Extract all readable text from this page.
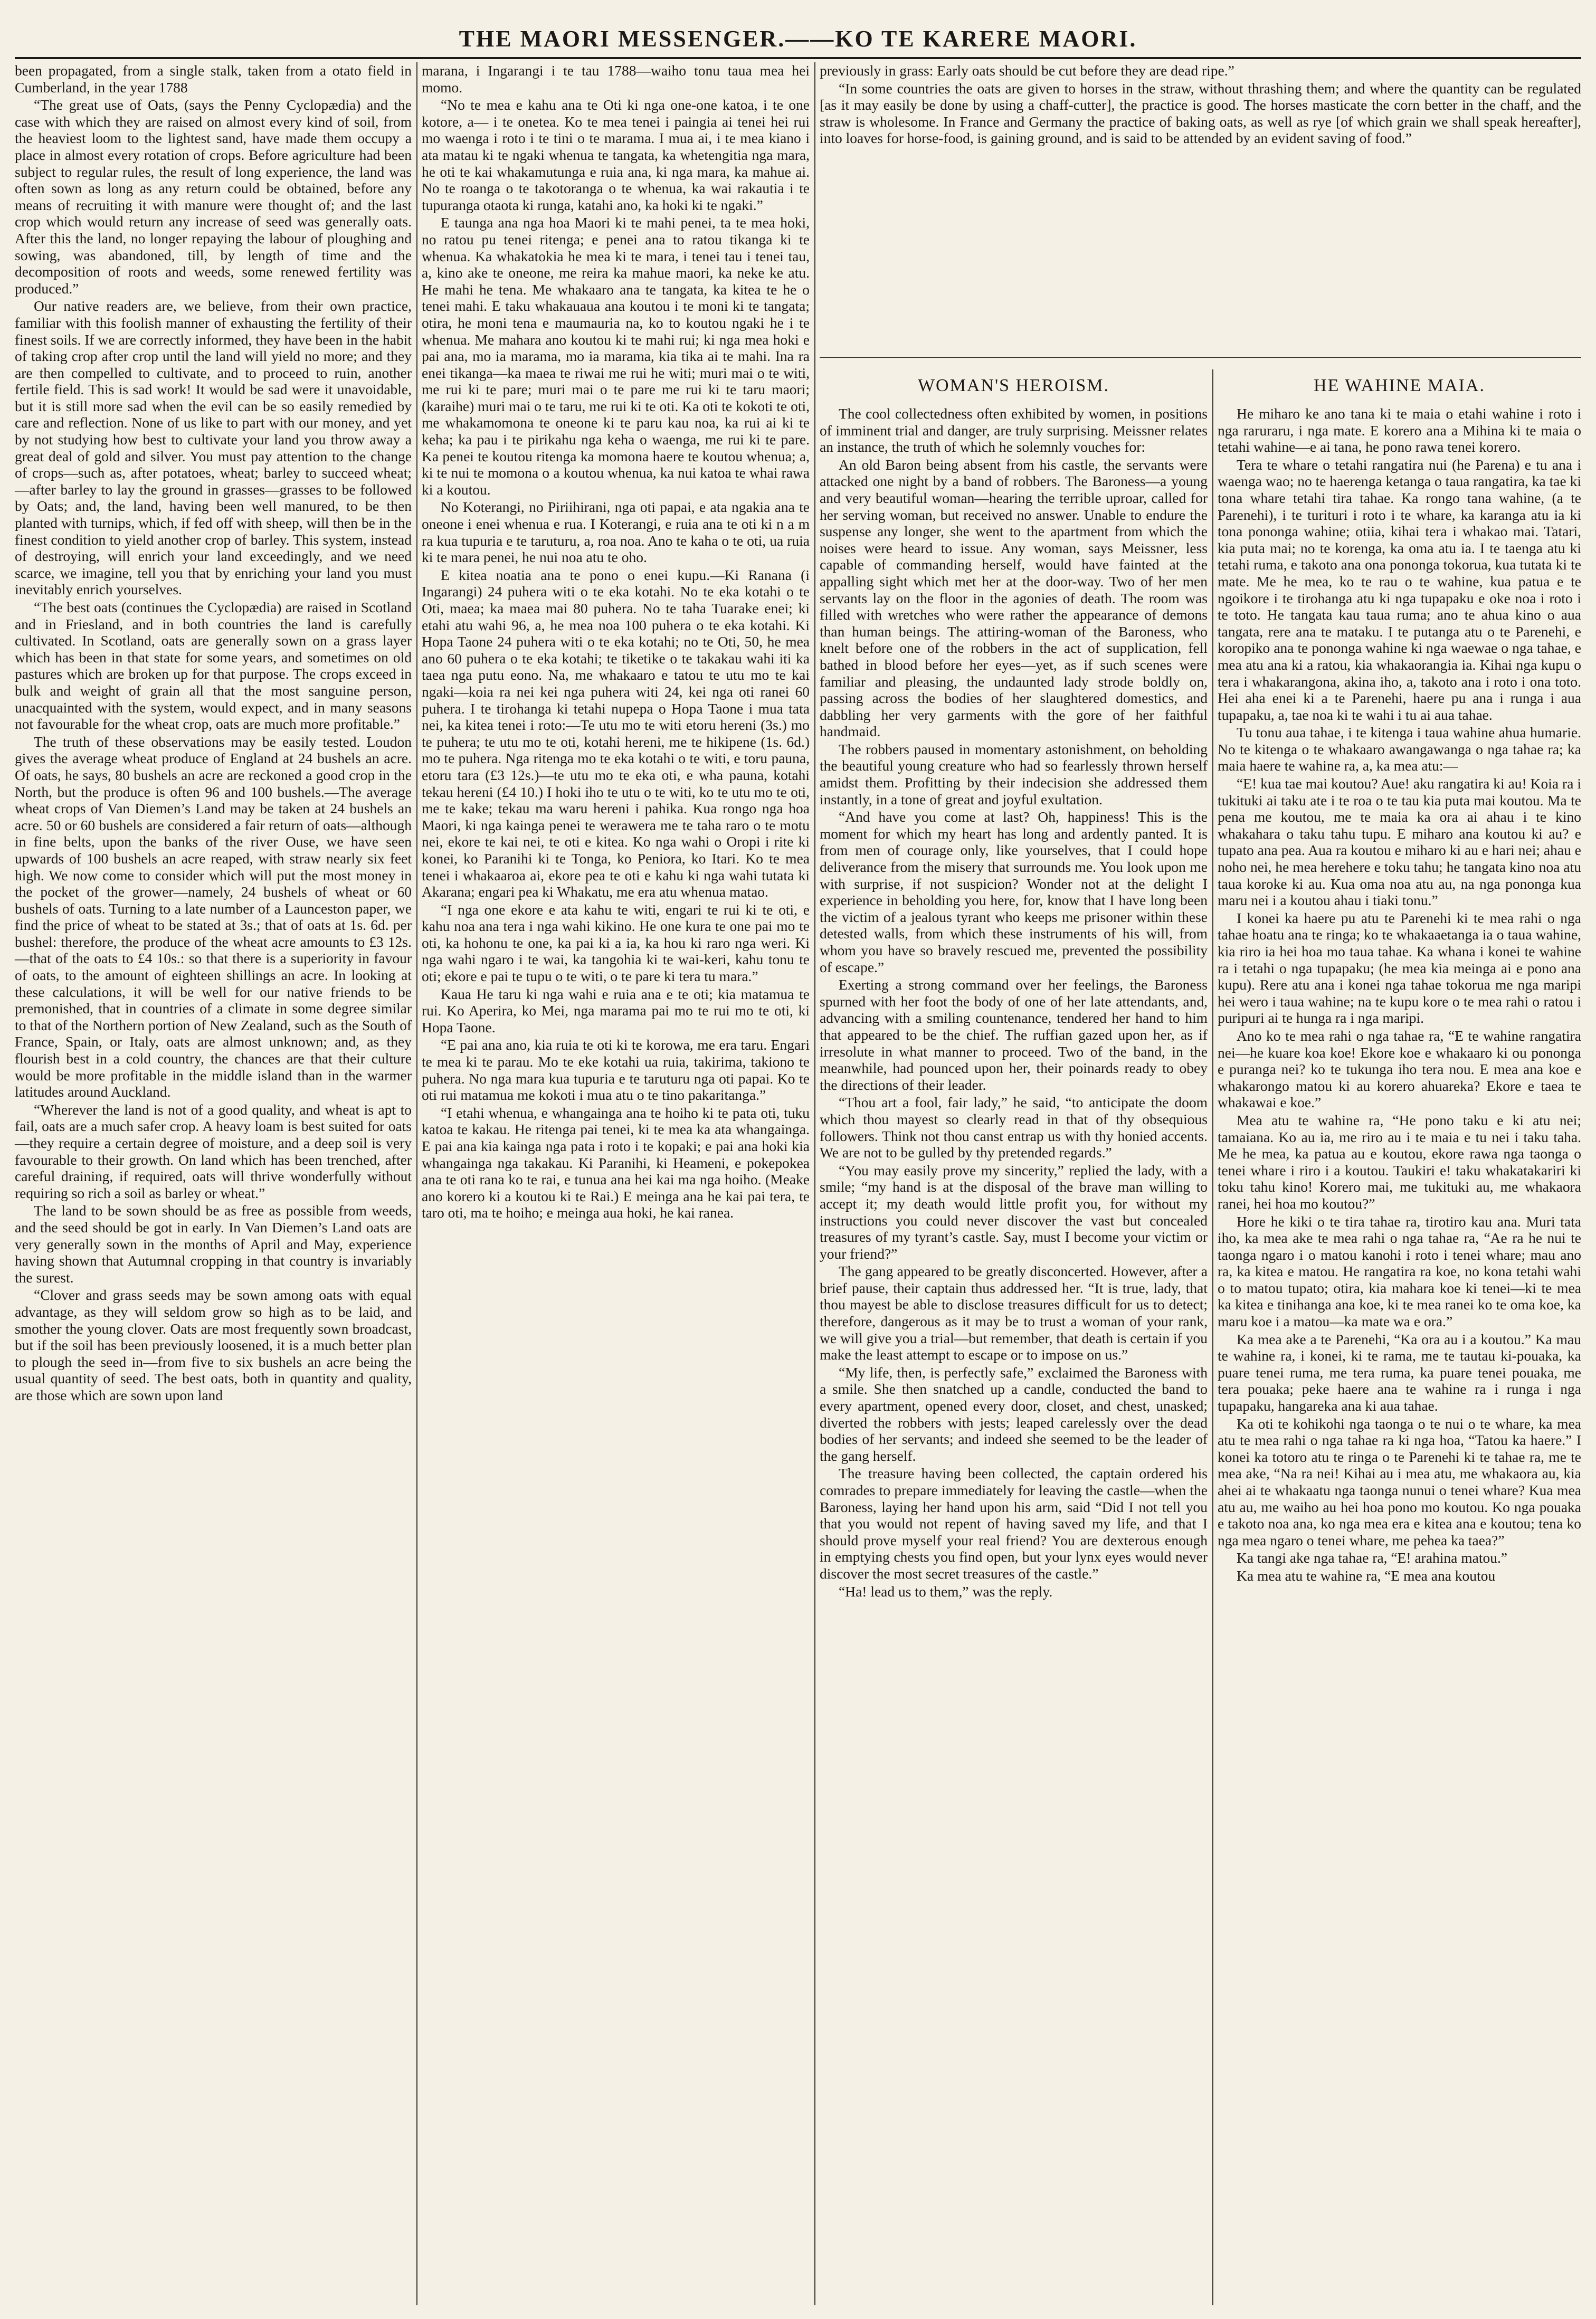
THE MAORI MESSENGER.——KO TE KARERE MAORI.

been propagated, from a single stalk, taken from a otato field in Cumberland, in the year 1788

“The great use of Oats, (says the Penny Cyclopædia) and the case with which they are raised on almost every kind of soil, from the heaviest loom to the lightest sand, have made them occupy a place in almost every rotation of crops. Before agriculture had been subject to regular rules, the result of long experience, the land was often sown as long as any return could be obtained, before any means of recruiting it with manure were thought of; and the last crop which would return any increase of seed was generally oats. After this the land, no longer repaying the labour of ploughing and sowing, was abandoned, till, by length of time and the decomposition of roots and weeds, some renewed fertility was produced.”

Our native readers are, we believe, from their own practice, familiar with this foolish manner of exhausting the fertility of their finest soils. If we are correctly informed, they have been in the habit of taking crop after crop until the land will yield no more; and they are then compelled to cultivate, and to proceed to ruin, another fertile field. This is sad work! It would be sad were it unavoidable, but it is still more sad when the evil can be so easily remedied by care and reflection. None of us like to part with our money, and yet by not studying how best to cultivate your land you throw away a great deal of gold and silver. You must pay attention to the change of crops—such as, after potatoes, wheat; barley to succeed wheat;—after barley to lay the ground in grasses—grasses to be followed by Oats; and, the land, having been well manured, to be then planted with turnips, which, if fed off with sheep, will then be in the finest condition to yield another crop of barley. This system, instead of destroying, will enrich your land exceedingly, and we need scarce, we imagine, tell you that by enriching your land you must inevitably enrich yourselves.

“The best oats (continues the Cyclopædia) are raised in Scotland and in Friesland, and in both countries the land is carefully cultivated. In Scotland, oats are generally sown on a grass layer which has been in that state for some years, and sometimes on old pastures which are broken up for that purpose. The crops exceed in bulk and weight of grain all that the most sanguine person, unacquainted with the system, would expect, and in many seasons not favourable for the wheat crop, oats are much more profitable.”

The truth of these observations may be easily tested. Loudon gives the average wheat produce of England at 24 bushels an acre. Of oats, he says, 80 bushels an acre are reckoned a good crop in the North, but the produce is often 96 and 100 bushels.—The average wheat crops of Van Diemen’s Land may be taken at 24 bushels an acre. 50 or 60 bushels are considered a fair return of oats—although in fine belts, upon the banks of the river Ouse, we have seen upwards of 100 bushels an acre reaped, with straw nearly six feet high. We now come to consider which will put the most money in the pocket of the grower—namely, 24 bushels of wheat or 60 bushels of oats. Turning to a late number of a Launceston paper, we find the price of wheat to be stated at 3s.; that of oats at 1s. 6d. per bushel: therefore, the produce of the wheat acre amounts to £3 12s.—that of the oats to £4 10s.: so that there is a superiority in favour of oats, to the amount of eighteen shillings an acre. In looking at these calculations, it will be well for our native friends to be premonished, that in countries of a climate in some degree similar to that of the Northern portion of New Zealand, such as the South of France, Spain, or Italy, oats are almost unknown; and, as they flourish best in a cold country, the chances are that their culture would be more profitable in the middle island than in the warmer latitudes around Auckland.

“Wherever the land is not of a good quality, and wheat is apt to fail, oats are a much safer crop. A heavy loam is best suited for oats—they require a certain degree of moisture, and a deep soil is very favourable to their growth. On land which has been trenched, after careful draining, if required, oats will thrive wonderfully without requiring so rich a soil as barley or wheat.”

The land to be sown should be as free as possible from weeds, and the seed should be got in early. In Van Diemen’s Land oats are very generally sown in the months of April and May, experience having shown that Autumnal cropping in that country is invariably the surest.

“Clover and grass seeds may be sown among oats with equal advantage, as they will seldom grow so high as to be laid, and smother the young clover. Oats are most frequently sown broadcast, but if the soil has been previously loosened, it is a much better plan to plough the seed in—from five to six bushels an acre being the usual quantity of seed. The best oats, both in quantity and quality, are those which are sown upon land

marana, i Ingarangi i te tau 1788—waiho tonu taua mea hei momo.

“No te mea e kahu ana te Oti ki nga one-one katoa, i te one kotore, a— i te onetea. Ko te mea tenei i paingia ai tenei hei rui mo waenga i roto i te tini o te marama. I mua ai, i te mea kiano i ata matau ki te ngaki whenua te tangata, ka whetengitia nga mara, he oti te kai whakamutunga e ruia ana, ki nga mara, ka mahue ai. No te roanga o te takotoranga o te whenua, ka wai rakautia i te tupuranga otaota ki runga, katahi ano, ka hoki ki te ngaki.”

E taunga ana nga hoa Maori ki te mahi penei, ta te mea hoki, no ratou pu tenei ritenga; e penei ana to ratou tikanga ki te whenua. Ka whakatokia he mea ki te mara, i tenei tau i tenei tau, a, kino ake te oneone, me reira ka mahue maori, ka neke ke atu. He mahi he tena. Me whakaaro ana te tangata, ka kitea te he o tenei mahi. E taku whakauaua ana koutou i te moni ki te tangata; otira, he moni tena e maumauria na, ko to koutou ngaki he i te whenua. Me mahara ano koutou ki te mahi rui; ki nga mea hoki e pai ana, mo ia marama, mo ia marama, kia tika ai te mahi. Ina ra enei tikanga—ka maea te riwai me rui he witi; muri mai o te witi, me rui ki te pare; muri mai o te pare me rui ki te taru maori; (karaihe) muri mai o te taru, me rui ki te oti. Ka oti te kokoti te oti, me whakamomona te oneone ki te paru kau noa, ka rui ai ki te keha; ka pau i te pirikahu nga keha o waenga, me rui ki te pare. Ka penei te koutou ritenga ka momona haere te koutou whenua; a, ki te nui te momona o a koutou whenua, ka nui katoa te whai rawa ki a koutou.

No Koterangi, no Piriihirani, nga oti papai, e ata ngakia ana te oneone i enei whenua e rua. I Koterangi, e ruia ana te oti ki n a m ra kua tupuria e te taruturu, a, roa noa. Ano te kaha o te oti, ua ruia ki te mara penei, he nui noa atu te oho.

E kitea noatia ana te pono o enei kupu.—Ki Ranana (i Ingarangi) 24 puhera witi o te eka kotahi. No te eka kotahi o te Oti, maea; ka maea mai 80 puhera. No te taha Tuarake enei; ki etahi atu wahi 96, a, he mea noa 100 puhera o te eka kotahi. Ki Hopa Taone 24 puhera witi o te eka kotahi; no te Oti, 50, he mea ano 60 puhera o te eka kotahi; te tiketike o te takakau wahi iti ka taea nga putu eono. Na, me whakaaro e tatou te utu mo te kai ngaki—koia ra nei kei nga puhera witi 24, kei nga oti ranei 60 puhera. I te tirohanga ki tetahi nupepa o Hopa Taone i mua tata nei, ka kitea tenei i roto:—Te utu mo te witi etoru hereni (3s.) mo te puhera; te utu mo te oti, kotahi hereni, me te hikipene (1s. 6d.) mo te puhera. Nga ritenga mo te eka kotahi o te witi, e toru pauna, etoru tara (£3 12s.)—te utu mo te eka oti, e wha pauna, kotahi tekau hereni (£4 10.) I hoki iho te utu o te witi, ko te utu mo te oti, me te kake; tekau ma waru hereni i pahika. Kua rongo nga hoa Maori, ki nga kainga penei te werawera me te taha raro o te motu nei, ekore te kai nei, te oti e kitea. Ko nga wahi o Oropi i rite ki konei, ko Paranihi ki te Tonga, ko Peniora, ko Itari. Ko te mea tenei i whakaaroa ai, ekore pea te oti e kahu ki nga wahi tutata ki Akarana; engari pea ki Whakatu, me era atu whenua matao.

“I nga one ekore e ata kahu te witi, engari te rui ki te oti, e kahu noa ana tera i nga wahi kikino. He one kura te one pai mo te oti, ka hohonu te one, ka pai ki a ia, ka hou ki raro nga weri. Ki nga wahi ngaro i te wai, ka tangohia ki te wai-keri, kahu tonu te oti; ekore e pai te tupu o te witi, o te pare ki tera tu mara.”

Kaua He taru ki nga wahi e ruia ana e te oti; kia matamua te rui. Ko Aperira, ko Mei, nga marama pai mo te rui mo te oti, ki Hopa Taone.

“E pai ana ano, kia ruia te oti ki te korowa, me era taru. Engari te mea ki te parau. Mo te eke kotahi ua ruia, takirima, takiono te puhera. No nga mara kua tupuria e te taruturu nga oti papai. Ko te oti rui matamua me kokoti i mua atu o te tino pakaritanga.”

“I etahi whenua, e whangainga ana te hoiho ki te pata oti, tuku katoa te kakau. He ritenga pai tenei, ki te mea ka ata whangainga. E pai ana kia kainga nga pata i roto i te kopaki; e pai ana hoki kia whangainga nga takakau. Ki Paranihi, ki Heameni, e pokepokea ana te oti rana ko te rai, e tunua ana hei kai ma nga hoiho. (Meake ano korero ki a koutou ki te Rai.) E meinga ana he kai pai tera, te taro oti, ma te hoiho; e meinga aua hoki, he kai ranea.

previously in grass: Early oats should be cut before they are dead ripe.”

“In some countries the oats are given to horses in the straw, without thrashing them; and where the quantity can be regulated [as it may easily be done by using a chaff-cutter], the practice is good. The horses masticate the corn better in the chaff, and the straw is wholesome. In France and Germany the practice of baking oats, as well as rye [of which grain we shall speak hereafter], into loaves for horse-food, is gaining ground, and is said to be attended by an evident saving of food.”

WOMAN'S HEROISM.	HE WAHINE MAIA.

The cool collectedness often exhibited by women, in positions of imminent trial and danger, are truly surprising. Meissner relates an instance, the truth of which he solemnly vouches for:

An old Baron being absent from his castle, the servants were attacked one night by a band of robbers. The Baroness—a young and very beautiful woman—hearing the terrible uproar, called for her serving woman, but received no answer. Unable to endure the suspense any longer, she went to the apartment from which the noises were heard to issue. Any woman, says Meissner, less capable of commanding herself, would have fainted at the appalling sight which met her at the door-way. Two of her men servants lay on the floor in the agonies of death. The room was filled with wretches who were rather the appearance of demons than human beings. The attiring-woman of the Baroness, who knelt before one of the robbers in the act of supplication, fell bathed in blood before her eyes—yet, as if such scenes were familiar and pleasing, the undaunted lady strode boldly on, passing across the bodies of her slaughtered domestics, and dabbling her very garments with the gore of her faithful handmaid.

The robbers paused in momentary astonishment, on beholding the beautiful young creature who had so fearlessly thrown herself amidst them. Profitting by their indecision she addressed them instantly, in a tone of great and joyful exultation.

“And have you come at last? Oh, happiness! This is the moment for which my heart has long and ardently panted. It is from men of courage only, like yourselves, that I could hope deliverance from the misery that surrounds me. You look upon me with surprise, if not suspicion? Wonder not at the delight I experience in beholding you here, for, know that I have long been the victim of a jealous tyrant who keeps me prisoner within these detested walls, from which these instruments of his will, from whom you have so bravely rescued me, prevented the possibility of escape.”

Exerting a strong command over her feelings, the Baroness spurned with her foot the body of one of her late attendants, and, advancing with a smiling countenance, tendered her hand to him that appeared to be the chief. The ruffian gazed upon her, as if irresolute in what manner to proceed. Two of the band, in the meanwhile, had pounced upon her, their poinards ready to obey the directions of their leader.

“Thou art a fool, fair lady,” he said, “to anticipate the doom which thou mayest so clearly read in that of thy obsequious followers. Think not thou canst entrap us with thy honied accents. We are not to be gulled by thy pretended regards.”

“You may easily prove my sincerity,” replied the lady, with a smile; “my hand is at the disposal of the brave man willing to accept it; my death would little profit you, for without my instructions you could never discover the vast but concealed treasures of my tyrant’s castle. Say, must I become your victim or your friend?”

The gang appeared to be greatly disconcerted. However, after a brief pause, their captain thus addressed her. “It is true, lady, that thou mayest be able to disclose treasures difficult for us to detect; therefore, dangerous as it may be to trust a woman of your rank, we will give you a trial—but remember, that death is certain if you make the least attempt to escape or to impose on us.”

“My life, then, is perfectly safe,” exclaimed the Baroness with a smile. She then snatched up a candle, conducted the band to every apartment, opened every door, closet, and chest, unasked; diverted the robbers with jests; leaped carelessly over the dead bodies of her servants; and indeed she seemed to be the leader of the gang herself.

The treasure having been collected, the captain ordered his comrades to prepare immediately for leaving the castle—when the Baroness, laying her hand upon his arm, said “Did I not tell you that you would not repent of having saved my life, and that I should prove myself your real friend? You are dexterous enough in emptying chests you find open, but your lynx eyes would never discover the most secret treasures of the castle.”

“Ha! lead us to them,” was the reply.

He miharo ke ano tana ki te maia o etahi wahine i roto i nga raruraru, i nga mate. E korero ana a Mihina ki te maia o tetahi wahine—e ai tana, he pono rawa tenei korero.

Tera te whare o tetahi rangatira nui (he Parena) e tu ana i waenga wao; no te haerenga ketanga o taua rangatira, ka tae ki tona whare tetahi tira tahae. Ka rongo tana wahine, (a te Parenehi), i te turituri i roto i te whare, ka karanga atu ia ki tona pononga wahine; otiia, kihai tera i whakao mai. Tatari, kia puta mai; no te korenga, ka oma atu ia. I te taenga atu ki tetahi ruma, e takoto ana ona pononga tokorua, kua tutata ki te mate. Me he mea, ko te rau o te wahine, kua patua e te ngoikore i te tirohanga atu ki nga tupapaku e oke noa i roto i te toto. He tangata kau taua ruma; ano te ahua kino o aua tangata, rere ana te mataku. I te putanga atu o te Parenehi, e koropiko ana te pononga wahine ki nga waewae o nga tahae, e mea atu ana ki a ratou, kia whakaorangia ia. Kihai nga kupu o tera i whakarangona, akina iho, a, takoto ana i roto i ona toto. Hei aha enei ki a te Parenehi, haere pu ana i runga i aua tupapaku, a, tae noa ki te wahi i tu ai aua tahae.

Tu tonu aua tahae, i te kitenga i taua wahine ahua humarie. No te kitenga o te whakaaro awangawanga o nga tahae ra; ka maia haere te wahine ra, a, ka mea atu:—

“E! kua tae mai koutou? Aue! aku rangatira ki au! Koia ra i tukituki ai taku ate i te roa o te tau kia puta mai koutou. Ma te pena me koutou, me te maia ka ora ai ahau i te kino whakahara o taku tahu tupu. E miharo ana koutou ki au? e tupato ana pea. Aua ra koutou e miharo ki au e hari nei; ahau e noho nei, he mea herehere e toku tahu; he tangata kino noa atu taua koroke ki au. Kua oma noa atu au, na nga pononga kua maru nei i a koutou ahau i tiaki tonu.”

I konei ka haere pu atu te Parenehi ki te mea rahi o nga tahae hoatu ana te ringa; ko te whakaaetanga ia o taua wahine, kia riro ia hei hoa mo taua tahae. Ka whana i konei te wahine ra i tetahi o nga tupapaku; (he mea kia meinga ai e pono ana kupu). Rere atu ana i konei nga tahae tokorua me nga maripi hei wero i taua wahine; na te kupu kore o te mea rahi o ratou i puripuri ai te hunga ra i nga maripi.

Ano ko te mea rahi o nga tahae ra, “E te wahine rangatira nei—he kuare koa koe! Ekore koe e whakaaro ki ou pononga e puranga nei? ko te tukunga iho tera nou. E mea ana koe e whakarongo matou ki au korero ahuareka? Ekore e taea te whakawai e koe.”

Mea atu te wahine ra, “He pono taku e ki atu nei; tamaiana. Ko au ia, me riro au i te maia e tu nei i taku taha. Me he mea, ka patua au e koutou, ekore rawa nga taonga o tenei whare i riro i a koutou. Taukiri e! taku whakatakariri ki toku tahu kino! Korero mai, me tukituki au, me whakaora ranei, hei hoa mo koutou?”

Hore he kiki o te tira tahae ra, tirotiro kau ana. Muri tata iho, ka mea ake te mea rahi o nga tahae ra, “Ae ra he nui te taonga ngaro i o matou kanohi i roto i tenei whare; mau ano ra, ka kitea e matou. He rangatira ra koe, no kona tetahi wahi o to matou tupato; otira, kia mahara koe ki tenei—ki te mea ka kitea e tinihanga ana koe, ki te mea ranei ko te oma koe, ka maru koe i a matou—ka mate wa e ora.”

Ka mea ake a te Parenehi, “Ka ora au i a koutou.” Ka mau te wahine ra, i konei, ki te rama, me te tautau ki-pouaka, ka puare tenei ruma, me tera ruma, ka puare tenei pouaka, me tera pouaka; peke haere ana te wahine ra i runga i nga tupapaku, hangareka ana ki aua tahae.

Ka oti te kohikohi nga taonga o te nui o te whare, ka mea atu te mea rahi o nga tahae ra ki nga hoa, “Tatou ka haere.” I konei ka totoro atu te ringa o te Parenehi ki te tahae ra, me te mea ake, “Na ra nei! Kihai au i mea atu, me whakaora au, kia ahei ai te whakaatu nga taonga nunui o tenei whare? Kua mea atu au, me waiho au hei hoa pono mo koutou. Ko nga pouaka e takoto noa ana, ko nga mea era e kitea ana e koutou; tena ko nga mea ngaro o tenei whare, me pehea ka taea?”

Ka tangi ake nga tahae ra, “E! arahina matou.”

Ka mea atu te wahine ra, “E mea ana koutou
